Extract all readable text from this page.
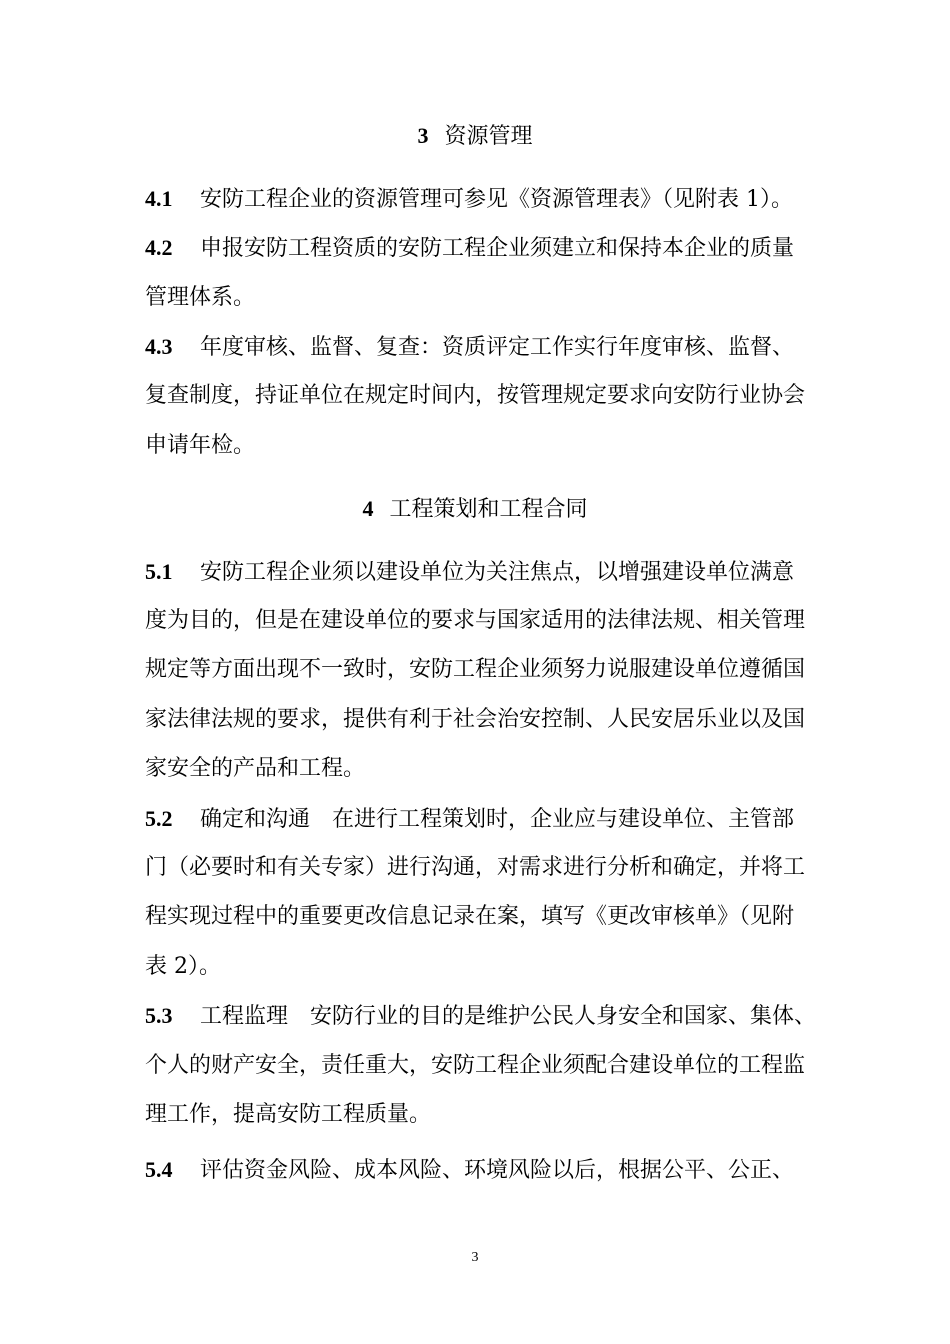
3 资源管理
4.1 安防工程企业的资源管理可参见《资源管理表》（见附表 1）。
4.2 申报安防工程资质的安防工程企业须建立和保持本企业的质量
管理体系。
4.3 年度审核、监督、复查：资质评定工作实行年度审核、监督、
复查制度，持证单位在规定时间内，按管理规定要求向安防行业协会
申请年检。
4 工程策划和工程合同
5.1 安防工程企业须以建设单位为关注焦点，以增强建设单位满意
度为目的，但是在建设单位的要求与国家适用的法律法规、相关管理
规定等方面出现不一致时，安防工程企业须努力说服建设单位遵循国
家法律法规的要求，提供有利于社会治安控制、人民安居乐业以及国
家安全的产品和工程。
5.2 确定和沟通　在进行工程策划时，企业应与建设单位、主管部
门（必要时和有关专家）进行沟通，对需求进行分析和确定，并将工
程实现过程中的重要更改信息记录在案，填写《更改审核单》（见附
表 2）。
5.3 工程监理　安防行业的目的是维护公民人身安全和国家、集体、
个人的财产安全，责任重大，安防工程企业须配合建设单位的工程监
理工作，提高安防工程质量。
5.4 评估资金风险、成本风险、环境风险以后，根据公平、公正、
3
